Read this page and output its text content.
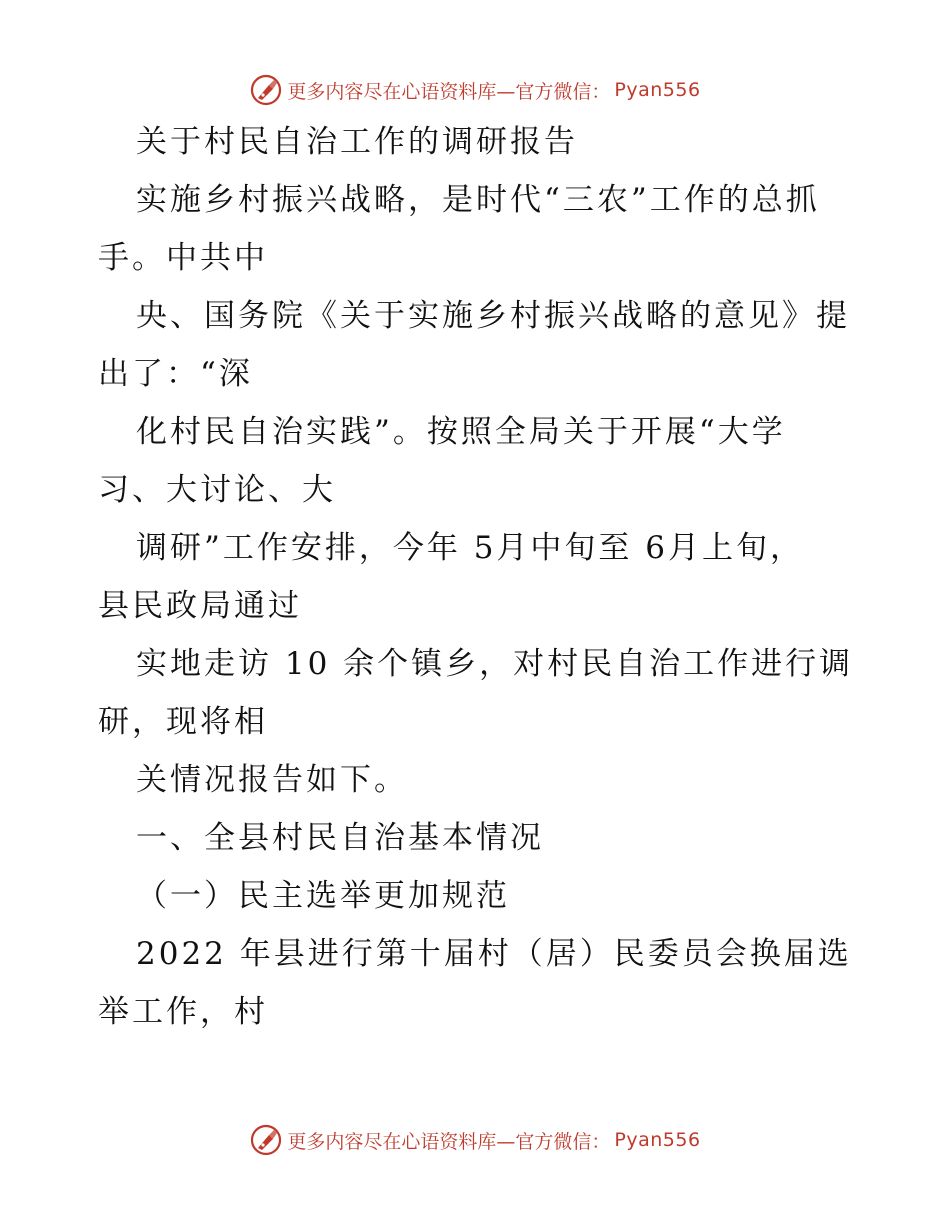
更多内容尽在心语资料库—官方微信： Pyan556
关于村民自治工作的调研报告
实施乡村振兴战略，是时代“三农”工作的总抓
手。中共中
央、国务院《关于实施乡村振兴战略的意见》提
出了：“深
化村民自治实践”。按照全局关于开展“大学
习、大讨论、大
调研”工作安排，今年 5月中旬至 6月上旬，
县民政局通过
实地走访 10 余个镇乡，对村民自治工作进行调
研，现将相
关情况报告如下。
一、全县村民自治基本情况
（一）民主选举更加规范
2022 年县进行第十届村（居）民委员会换届选
举工作，村
更多内容尽在心语资料库—官方微信： Pyan556
